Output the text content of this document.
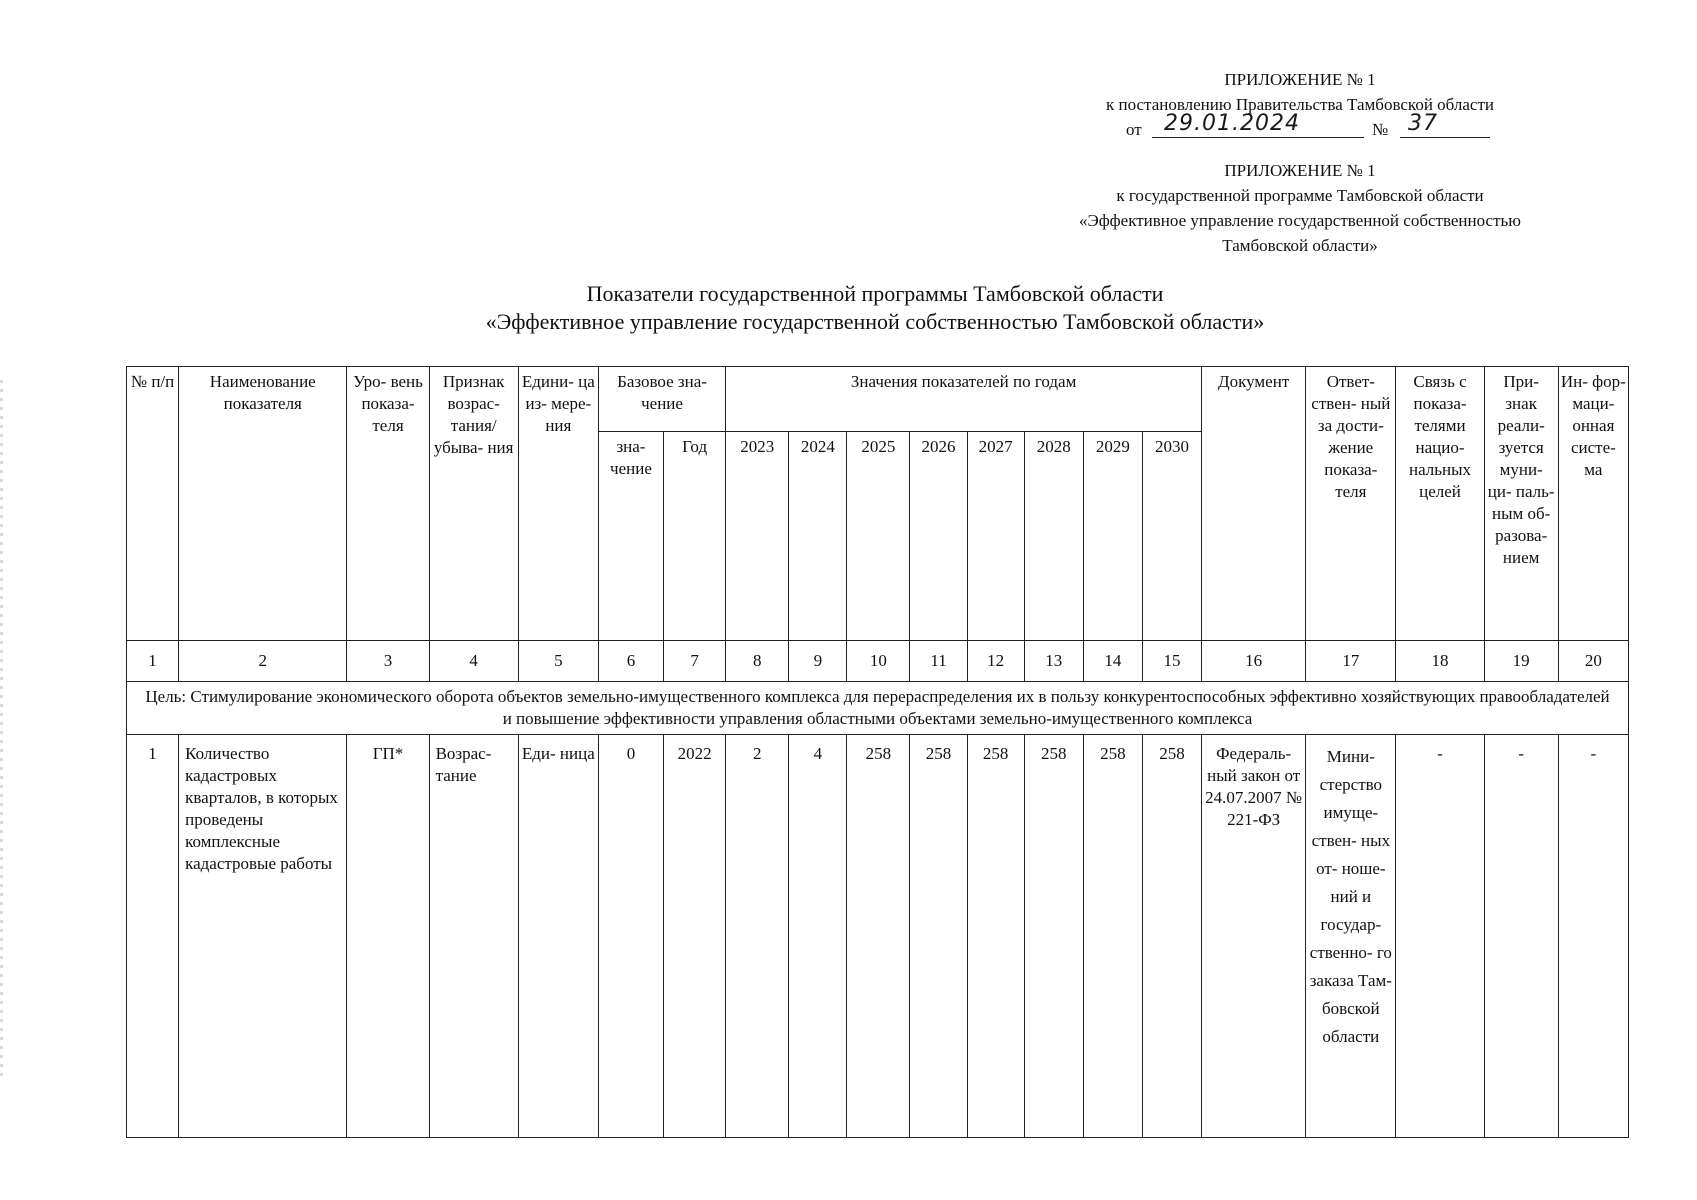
ПРИЛОЖЕНИЕ № 1
к постановлению Правительства Тамбовской области
от	29.01.2024	№ 37
ПРИЛОЖЕНИЕ № 1
к государственной программе Тамбовской области
«Эффективное управление государственной собственностью
Тамбовской области»
Показатели государственной программы Тамбовской области
«Эффективное управление государственной собственностью Тамбовской области»
№ п/п	Наименование показателя	Уро- вень показа- теля	Признак возрас- тания/ убыва- ния	Едини- ца из- мере- ния	Базовое зна- чение		Значения показателей по годам								Документ	Ответ- ствен- ный за дости- жение показа- теля	Связь с показа- телями нацио- нальных целей	При- знак реали- зуется муни- ци- паль- ным об- разова- нием	Ин- фор- маци- онная систе- ма
					зна- чение	Год	2023	2024	2025	2026	2027	2028	2029	2030					
1	2	3	4	5	6	7	8	9	10	11	12	13	14	15	16	17	18	19	20
Цель: Стимулирование экономического оборота объектов земельно-имущественного комплекса для перераспределения их в пользу конкурентоспособных эффективно хозяйствующих правообладателей и повышение эффективности управления областными объектами земельно-имущественного комплекса																			
1	Количество кадастровых кварталов, в которых проведены комплексные кадастровые работы	ГП*	Возрас- тание	Еди- ница	0	2022	2	4	258	258	258	258	258	258	Федераль- ный закон от 24.07.2007 № 221-ФЗ	Мини- стерство имуще- ствен- ных от- ноше- ний и государ- ственно- го заказа Там- бовской области	-	-	-
